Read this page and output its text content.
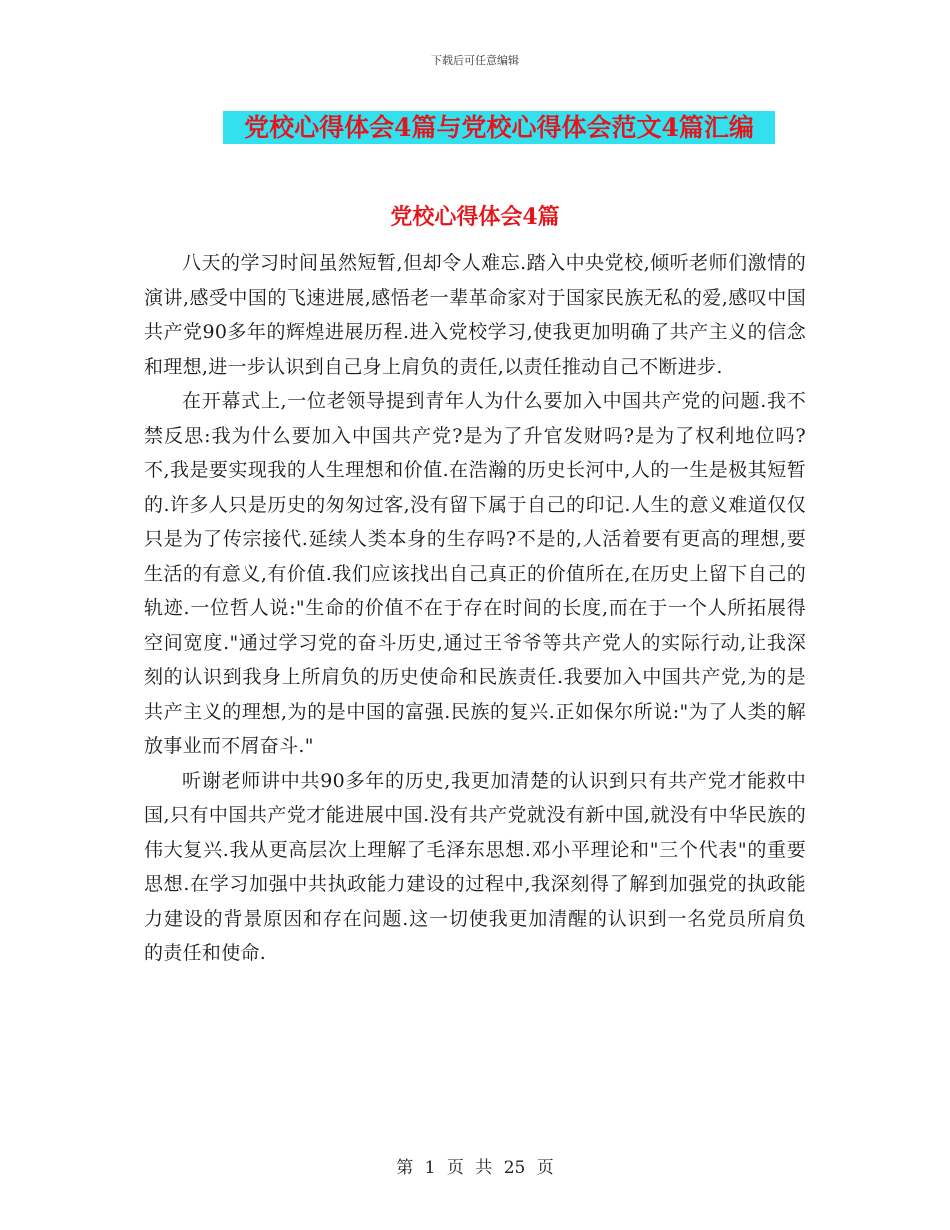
下载后可任意编辑
党校心得体会4篇与党校心得体会范文4篇汇编
党校心得体会4篇

八天的学习时间虽然短暂,但却令人难忘.踏入中央党校,倾听老师们激情的演讲,感受中国的飞速进展,感悟老一辈革命家对于国家民族无私的爱,感叹中国共产党90多年的辉煌进展历程.进入党校学习,使我更加明确了共产主义的信念和理想,进一步认识到自己身上肩负的责任,以责任推动自己不断进步.

在开幕式上,一位老领导提到青年人为什么要加入中国共产党的问题.我不禁反思:我为什么要加入中国共产党?是为了升官发财吗?是为了权利地位吗?不,我是要实现我的人生理想和价值.在浩瀚的历史长河中,人的一生是极其短暂的.许多人只是历史的匆匆过客,没有留下属于自己的印记.人生的意义难道仅仅只是为了传宗接代.延续人类本身的生存吗?不是的,人活着要有更高的理想,要生活的有意义,有价值.我们应该找出自己真正的价值所在,在历史上留下自己的轨迹.一位哲人说:"生命的价值不在于存在时间的长度,而在于一个人所拓展得空间宽度."通过学习党的奋斗历史,通过王爷爷等共产党人的实际行动,让我深刻的认识到我身上所肩负的历史使命和民族责任.我要加入中国共产党,为的是共产主义的理想,为的是中国的富强.民族的复兴.正如保尔所说:"为了人类的解放事业而不屑奋斗."

听谢老师讲中共90多年的历史,我更加清楚的认识到只有共产党才能救中国,只有中国共产党才能进展中国.没有共产党就没有新中国,就没有中华民族的伟大复兴.我从更高层次上理解了毛泽东思想.邓小平理论和"三个代表"的重要思想.在学习加强中共执政能力建设的过程中,我深刻得了解到加强党的执政能力建设的背景原因和存在问题.这一切使我更加清醒的认识到一名党员所肩负的责任和使命.

第 1 页 共 25 页
